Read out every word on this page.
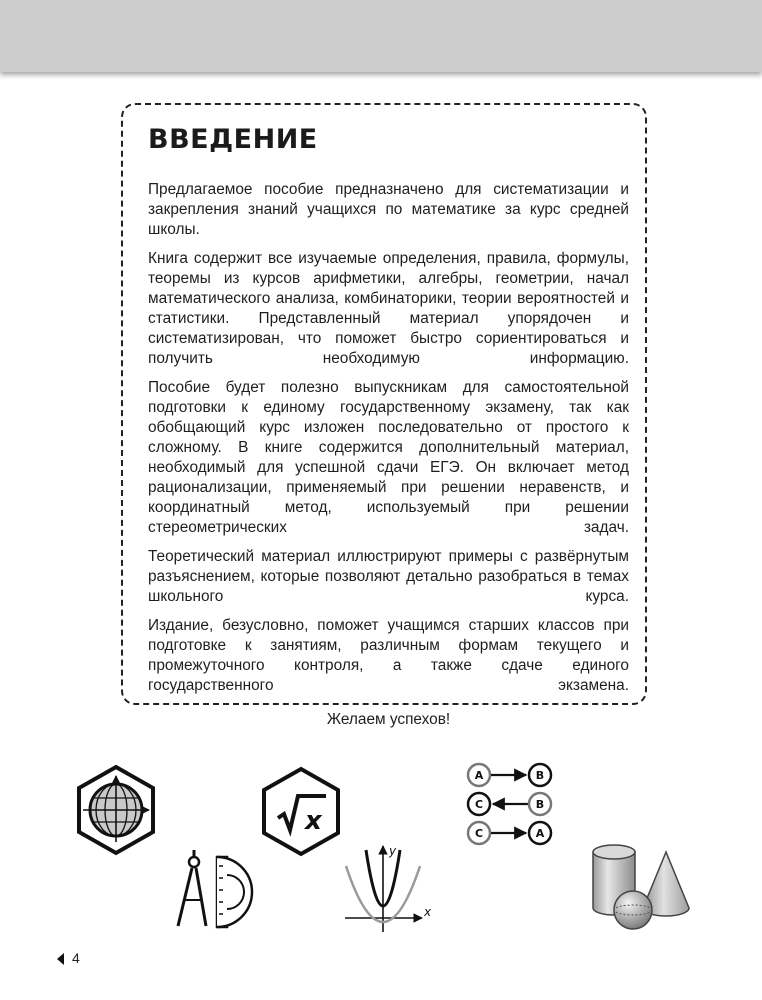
ВВЕДЕНИЕ

Предлагаемое пособие предназначено для систематизации и закрепления знаний учащихся по математике за курс средней школы.

Книга содержит все изучаемые определения, правила, формулы, теоремы из курсов арифметики, алгебры, геометрии, начал математического анализа, комбинаторики, теории вероятностей и статистики. Представленный материал упорядочен и систематизирован, что поможет быстро сориентироваться и получить необходимую информацию.

Пособие будет полезно выпускникам для самостоятельной подготовки к единому государственному экзамену, так как обобщающий курс изложен последовательно от простого к сложному. В книге содержится дополнительный материал, необходимый для успешной сдачи ЕГЭ. Он включает метод рационализации, применяемый при решении неравенств, и координатный метод, используемый при решении стереометрических задач.

Теоретический материал иллюстрируют примеры с развёрнутым разъяснением, которые позволяют детально разобраться в темах школьного курса.

Издание, безусловно, поможет учащимся старших классов при подготовке к занятиям, различным формам текущего и промежуточного контроля, а также сдаче единого государственного экзамена.

Желаем успехов!

x
x
y
A	B
C	B
C	A
4
